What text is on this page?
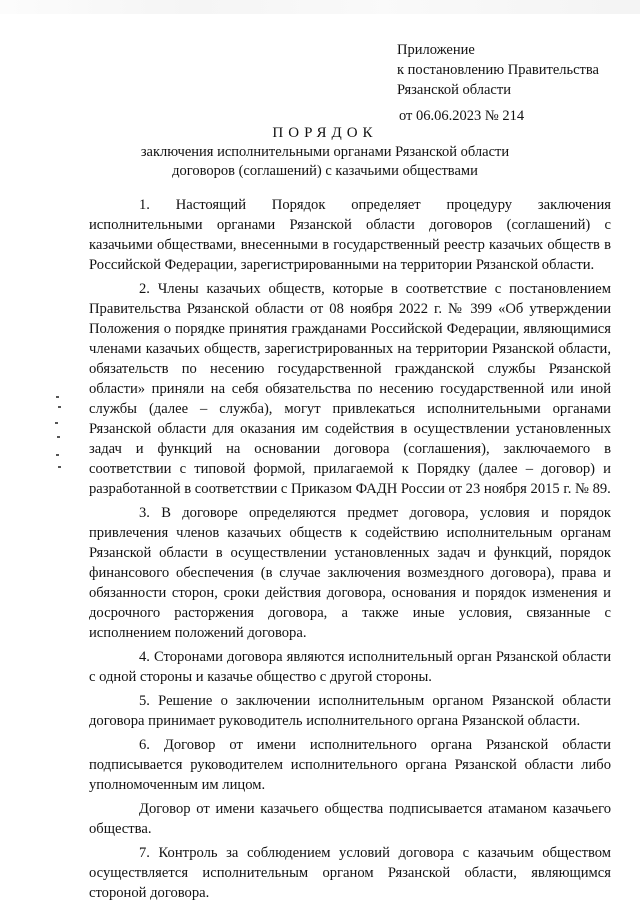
Приложение
к постановлению Правительства
Рязанской области
от 06.06.2023 № 214
ПОРЯДОК
заключения исполнительными органами Рязанской области
договоров (соглашений) с казачьими обществами

1. Настоящий Порядок определяет процедуру заключения исполнительными органами Рязанской области договоров (соглашений) с казачьими обществами, внесенными в государственный реестр казачьих обществ в Российской Федерации, зарегистрированными на территории Рязанской области.

2. Члены казачьих обществ, которые в соответствие с постановлением Правительства Рязанской области от 08 ноября 2022 г. № 399 «Об утверждении Положения о порядке принятия гражданами Российской Федерации, являющимися членами казачьих обществ, зарегистрированных на территории Рязанской области, обязательств по несению государственной гражданской службы Рязанской области» приняли на себя обязательства по несению государственной или иной службы (далее – служба), могут привлекаться исполнительными органами Рязанской области для оказания им содействия в осуществлении установленных задач и функций на основании договора (соглашения), заключаемого в соответствии с типовой формой, прилагаемой к Порядку (далее – договор) и разработанной в соответствии с Приказом ФАДН России от 23 ноября 2015 г. № 89.

3. В договоре определяются предмет договора, условия и порядок привлечения членов казачьих обществ к содействию исполнительным органам Рязанской области в осуществлении установленных задач и функций, порядок финансового обеспечения (в случае заключения возмездного договора), права и обязанности сторон, сроки действия договора, основания и порядок изменения и досрочного расторжения договора, а также иные условия, связанные с исполнением положений договора.

4. Сторонами договора являются исполнительный орган Рязанской области с одной стороны и казачье общество с другой стороны.

5. Решение о заключении исполнительным органом Рязанской области договора принимает руководитель исполнительного органа Рязанской области.

6. Договор от имени исполнительного органа Рязанской области подписывается руководителем исполнительного органа Рязанской области либо уполномоченным им лицом.

Договор от имени казачьего общества подписывается атаманом казачьего общества.

7. Контроль за соблюдением условий договора с казачьим обществом осуществляется исполнительным органом Рязанской области, являющимся стороной договора.
